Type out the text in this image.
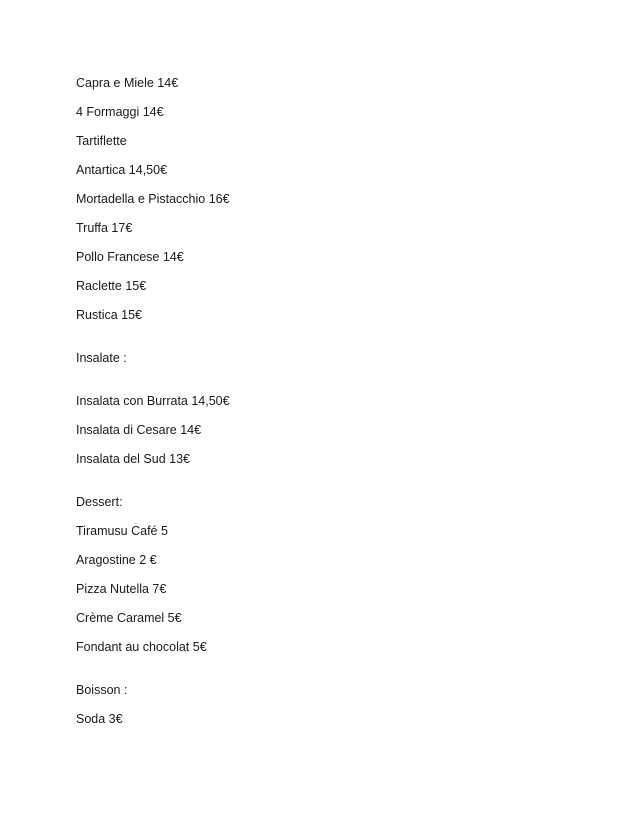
Capra e Miele 14€
4 Formaggi 14€
Tartiflette
Antartica 14,50€
Mortadella e Pistacchio 16€
Truffa 17€
Pollo Francese 14€
Raclette 15€
Rustica 15€
Insalate :
Insalata con Burrata 14,50€
Insalata di Cesare 14€
Insalata del Sud 13€
Dessert:
Tiramusu Café 5
Aragostine 2 €
Pizza Nutella 7€
Crème Caramel 5€
Fondant au chocolat 5€
Boisson :
Soda 3€
